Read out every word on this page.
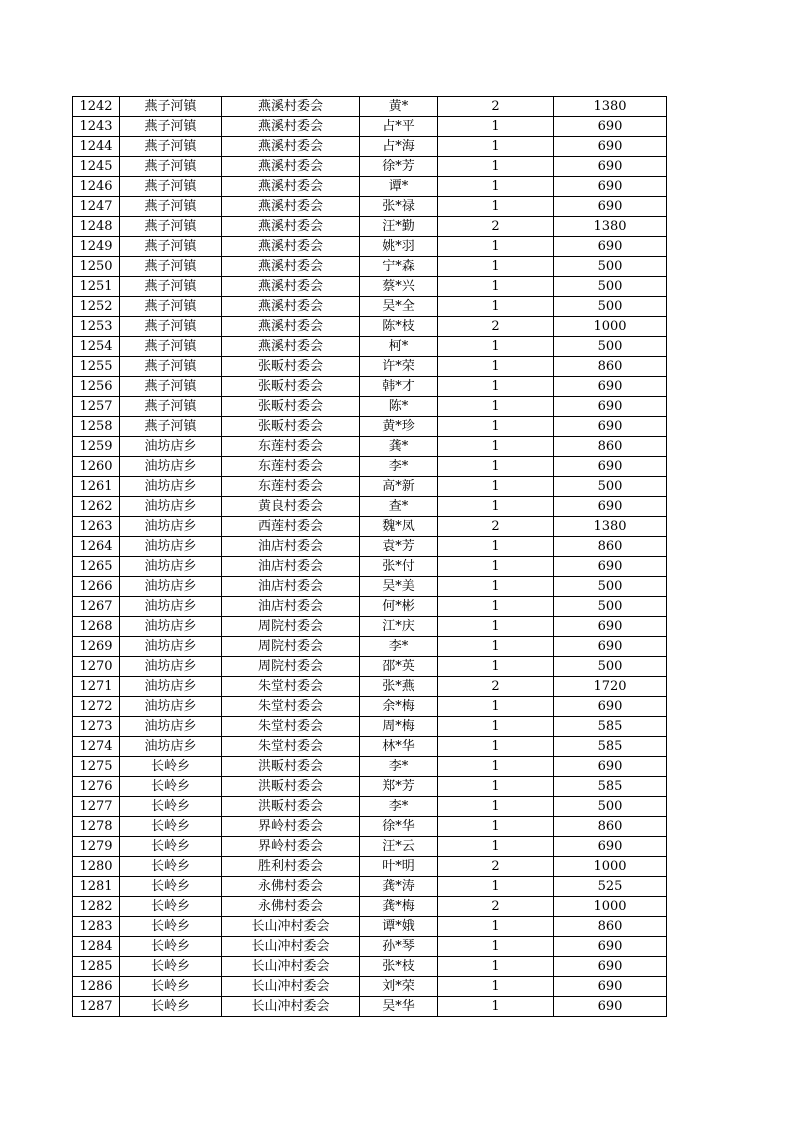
1242	燕子河镇	燕溪村委会	黄*	2	1380
1243	燕子河镇	燕溪村委会	占*平	1	690
1244	燕子河镇	燕溪村委会	占*海	1	690
1245	燕子河镇	燕溪村委会	徐*芳	1	690
1246	燕子河镇	燕溪村委会	谭*	1	690
1247	燕子河镇	燕溪村委会	张*禄	1	690
1248	燕子河镇	燕溪村委会	汪*勤	2	1380
1249	燕子河镇	燕溪村委会	姚*羽	1	690
1250	燕子河镇	燕溪村委会	宁*森	1	500
1251	燕子河镇	燕溪村委会	蔡*兴	1	500
1252	燕子河镇	燕溪村委会	吴*全	1	500
1253	燕子河镇	燕溪村委会	陈*枝	2	1000
1254	燕子河镇	燕溪村委会	柯*	1	500
1255	燕子河镇	张畈村委会	许*荣	1	860
1256	燕子河镇	张畈村委会	韩*才	1	690
1257	燕子河镇	张畈村委会	陈*	1	690
1258	燕子河镇	张畈村委会	黄*珍	1	690
1259	油坊店乡	东莲村委会	龚*	1	860
1260	油坊店乡	东莲村委会	李*	1	690
1261	油坊店乡	东莲村委会	高*新	1	500
1262	油坊店乡	黄良村委会	查*	1	690
1263	油坊店乡	西莲村委会	魏*凤	2	1380
1264	油坊店乡	油店村委会	袁*芳	1	860
1265	油坊店乡	油店村委会	张*付	1	690
1266	油坊店乡	油店村委会	吴*美	1	500
1267	油坊店乡	油店村委会	何*彬	1	500
1268	油坊店乡	周院村委会	江*庆	1	690
1269	油坊店乡	周院村委会	李*	1	690
1270	油坊店乡	周院村委会	邵*英	1	500
1271	油坊店乡	朱堂村委会	张*燕	2	1720
1272	油坊店乡	朱堂村委会	余*梅	1	690
1273	油坊店乡	朱堂村委会	周*梅	1	585
1274	油坊店乡	朱堂村委会	林*华	1	585
1275	长岭乡	洪畈村委会	李*	1	690
1276	长岭乡	洪畈村委会	郑*芳	1	585
1277	长岭乡	洪畈村委会	李*	1	500
1278	长岭乡	界岭村委会	徐*华	1	860
1279	长岭乡	界岭村委会	汪*云	1	690
1280	长岭乡	胜利村委会	叶*明	2	1000
1281	长岭乡	永佛村委会	龚*涛	1	525
1282	长岭乡	永佛村委会	龚*梅	2	1000
1283	长岭乡	长山冲村委会	谭*娥	1	860
1284	长岭乡	长山冲村委会	孙*琴	1	690
1285	长岭乡	长山冲村委会	张*枝	1	690
1286	长岭乡	长山冲村委会	刘*荣	1	690
1287	长岭乡	长山冲村委会	吴*华	1	690
